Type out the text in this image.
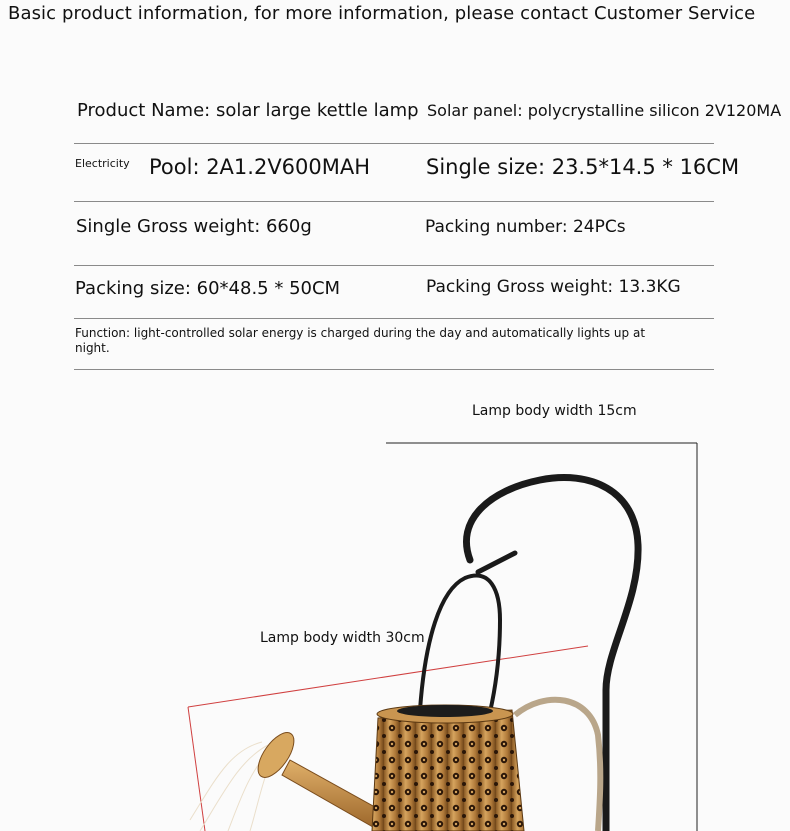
Basic product information, for more information, please contact Customer Service
Product Name: solar large kettle lamp Solar panel: polycrystalline silicon 2V120MA
Electricity Pool: 2A1.2V600MAH	Single size: 23.5*14.5 * 16CM
Single Gross weight: 660g	Packing number: 24PCs
Packing size: 60*48.5 * 50CM	Packing Gross weight: 13.3KG
Function: light-controlled solar energy is charged during the day and automatically lights up at night.
Lamp body width 15cm
Lamp body width 30cm
